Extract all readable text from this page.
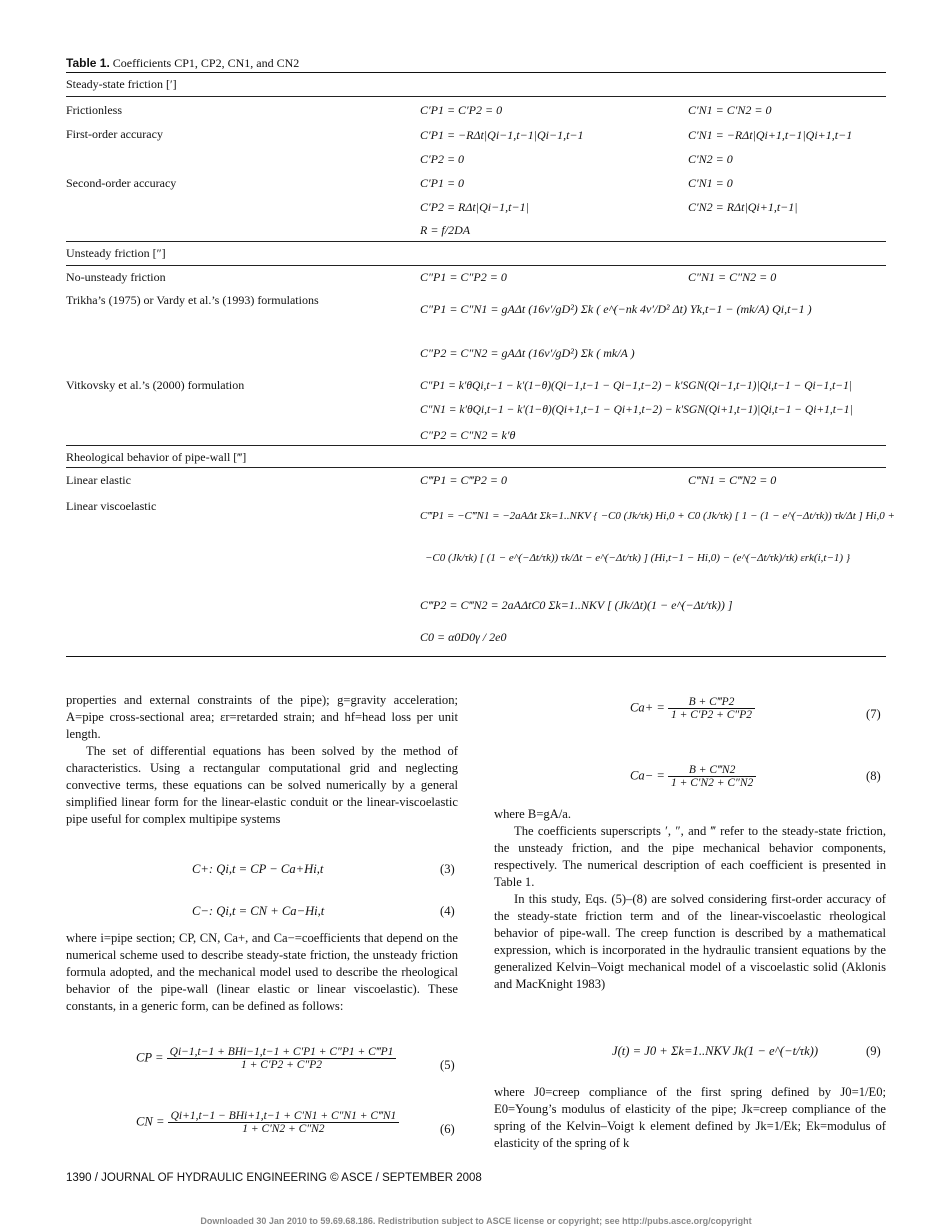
Table 1. Coefficients CP1, CP2, CN1, and CN2
Steady-state friction [′]
Frictionless	C′P1 = C′P2 = 0	C′N1 = C′N2 = 0
First-order accuracy	C′P1 = −RΔt|Qi−1,t−1|Qi−1,t−1	C′N1 = −RΔt|Qi+1,t−1|Qi+1,t−1
C′P2 = 0	C′N2 = 0
Second-order accuracy	C′P1 = 0	C′N1 = 0
C′P2 = RΔt|Qi−1,t−1|	C′N2 = RΔt|Qi+1,t−1|
R = f/2DA
Unsteady friction [″]
No-unsteady friction	C″P1 = C″P2 = 0	C″N1 = C″N2 = 0
Trikha’s (1975) or Vardy et al.’s (1993) formulations
C″P1 = C″N1 = gAΔt (16ν′/gD²) Σk ( e^(−nk 4ν′/D² Δt) Yk,t−1 − (mk/A) Qi,t−1 )
C″P2 = C″N2 = gAΔt (16ν′/gD²) Σk ( mk/A )
Vitkovsky et al.’s (2000) formulation	C″P1 = k′θQi,t−1 − k′(1−θ)(Qi−1,t−1 − Qi−1,t−2) − k′SGN(Qi−1,t−1)|Qi,t−1 − Qi−1,t−1|
C″N1 = k′θQi,t−1 − k′(1−θ)(Qi+1,t−1 − Qi+1,t−2) − k′SGN(Qi+1,t−1)|Qi,t−1 − Qi+1,t−1|
C″P2 = C″N2 = k′θ
Rheological behavior of pipe-wall [‴]
Linear elastic	C‴P1 = C‴P2 = 0	C‴N1 = C‴N2 = 0
Linear viscoelastic
C‴P1 = −C‴N1 = −2aAΔt Σk=1..NKV { −C0 (Jk/τk) Hi,0 + C0 (Jk/τk) [ 1 − (1 − e^(−Δt/τk)) τk/Δt ] Hi,0 +
−C0 (Jk/τk) [ (1 − e^(−Δt/τk)) τk/Δt − e^(−Δt/τk) ] (Hi,t−1 − Hi,0) − (e^(−Δt/τk)/τk) εrk(i,t−1) }
C‴P2 = C‴N2 = 2aAΔtC0 Σk=1..NKV [ (Jk/Δt)(1 − e^(−Δt/τk)) ]
C0 = α0D0γ / 2e0

properties and external constraints of the pipe); g=gravity acceleration; A=pipe cross-sectional area; εr=retarded strain; and hf=head loss per unit length.

The set of differential equations has been solved by the method of characteristics. Using a rectangular computational grid and neglecting convective terms, these equations can be solved numerically by a general simplified linear form for the linear-elastic conduit or the linear-viscoelastic pipe useful for complex multipipe systems

C+: Qi,t = CP − Ca+Hi,t	(3)
C−: Qi,t = CN + Ca−Hi,t	(4)

where i=pipe section; CP, CN, Ca+, and Ca−=coefficients that depend on the numerical scheme used to describe steady-state friction, the unsteady friction formula adopted, and the mechanical model used to describe the rheological behavior of the pipe-wall (linear elastic or linear viscoelastic). These constants, in a generic form, can be defined as follows:

CP = $\frac{\text{Qi−1,t−1 + BHi−1,t−1 + C′P1 + C″P1 + C‴P1}}{1 + C'P2 + C''P2}$	(5)
CN = $\frac{\text{Qi+1,t−1 − BHi+1,t−1 + C′N1 + C″N1 + C‴N1}}{1 + C'N2 + C''N2}$	(6)
$Ca+ = \frac{B + C‴P2}{1 + C'P2 + C''P2}$	(7)
$Ca- = \frac{B + C‴N2}{1 + C'N2 + C''N2}$	(8)

where B=gA/a.

The coefficients superscripts ′, ″, and ‴ refer to the steady-state friction, the unsteady friction, and the pipe mechanical behavior components, respectively. The numerical description of each coefficient is presented in Table 1.

In this study, Eqs. (5)–(8) are solved considering first-order accuracy of the steady-state friction term and of the linear-viscoelastic rheological behavior of pipe-wall. The creep function is described by a mathematical expression, which is incorporated in the hydraulic transient equations by the generalized Kelvin–Voigt mechanical model of a viscoelastic solid (Aklonis and MacKnight 1983)

J(t) = J0 + Σk=1..NKV Jk(1 − e^(−t/τk))	(9)

where J0=creep compliance of the first spring defined by J0=1/E0; E0=Young’s modulus of elasticity of the pipe; Jk=creep compliance of the spring of the Kelvin–Voigt k element defined by Jk=1/Ek; Ek=modulus of elasticity of the spring of k

1390 / JOURNAL OF HYDRAULIC ENGINEERING © ASCE / SEPTEMBER 2008
Downloaded 30 Jan 2010 to 59.69.68.186. Redistribution subject to ASCE license or copyright; see http://pubs.asce.org/copyright
